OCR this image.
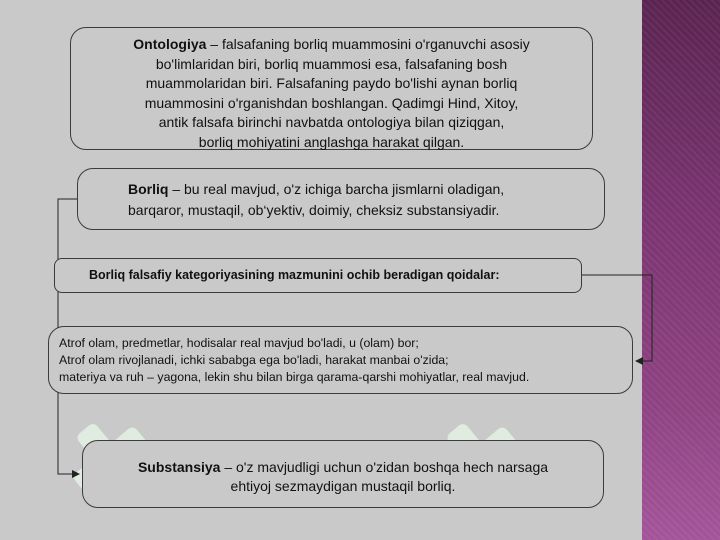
Ontologiya – falsafaning borliq muammosini o'rganuvchi asosiy
bo'limlaridan biri, borliq muammosi esa, falsafaning bosh
muammolaridan biri. Falsafaning paydo bo'lishi aynan borliq
muammosini o'rganishdan boshlangan. Qadimgi Hind, Xitoy,
antik falsafa birinchi navbatda ontologiya bilan qiziqgan,
borliq mohiyatini anglashga harakat qilgan.
Borliq – bu real mavjud, o'z ichiga barcha jismlarni oladigan,
barqaror, mustaqil, ob‘yektiv, doimiy, cheksiz substansiyadir.
Borliq falsafiy kategoriyasining mazmunini ochib beradigan qoidalar:
Atrof olam, predmetlar, hodisalar real mavjud bo'ladi, u (olam) bor;
Atrof olam rivojlanadi, ichki sababga ega bo'ladi, harakat manbai o'zida;
materiya va ruh – yagona, lekin shu bilan birga qarama-qarshi mohiyatlar, real mavjud.
Substansiya – o'z mavjudligi uchun o'zidan boshqa hech narsaga
ehtiyoj sezmaydigan mustaqil borliq.
